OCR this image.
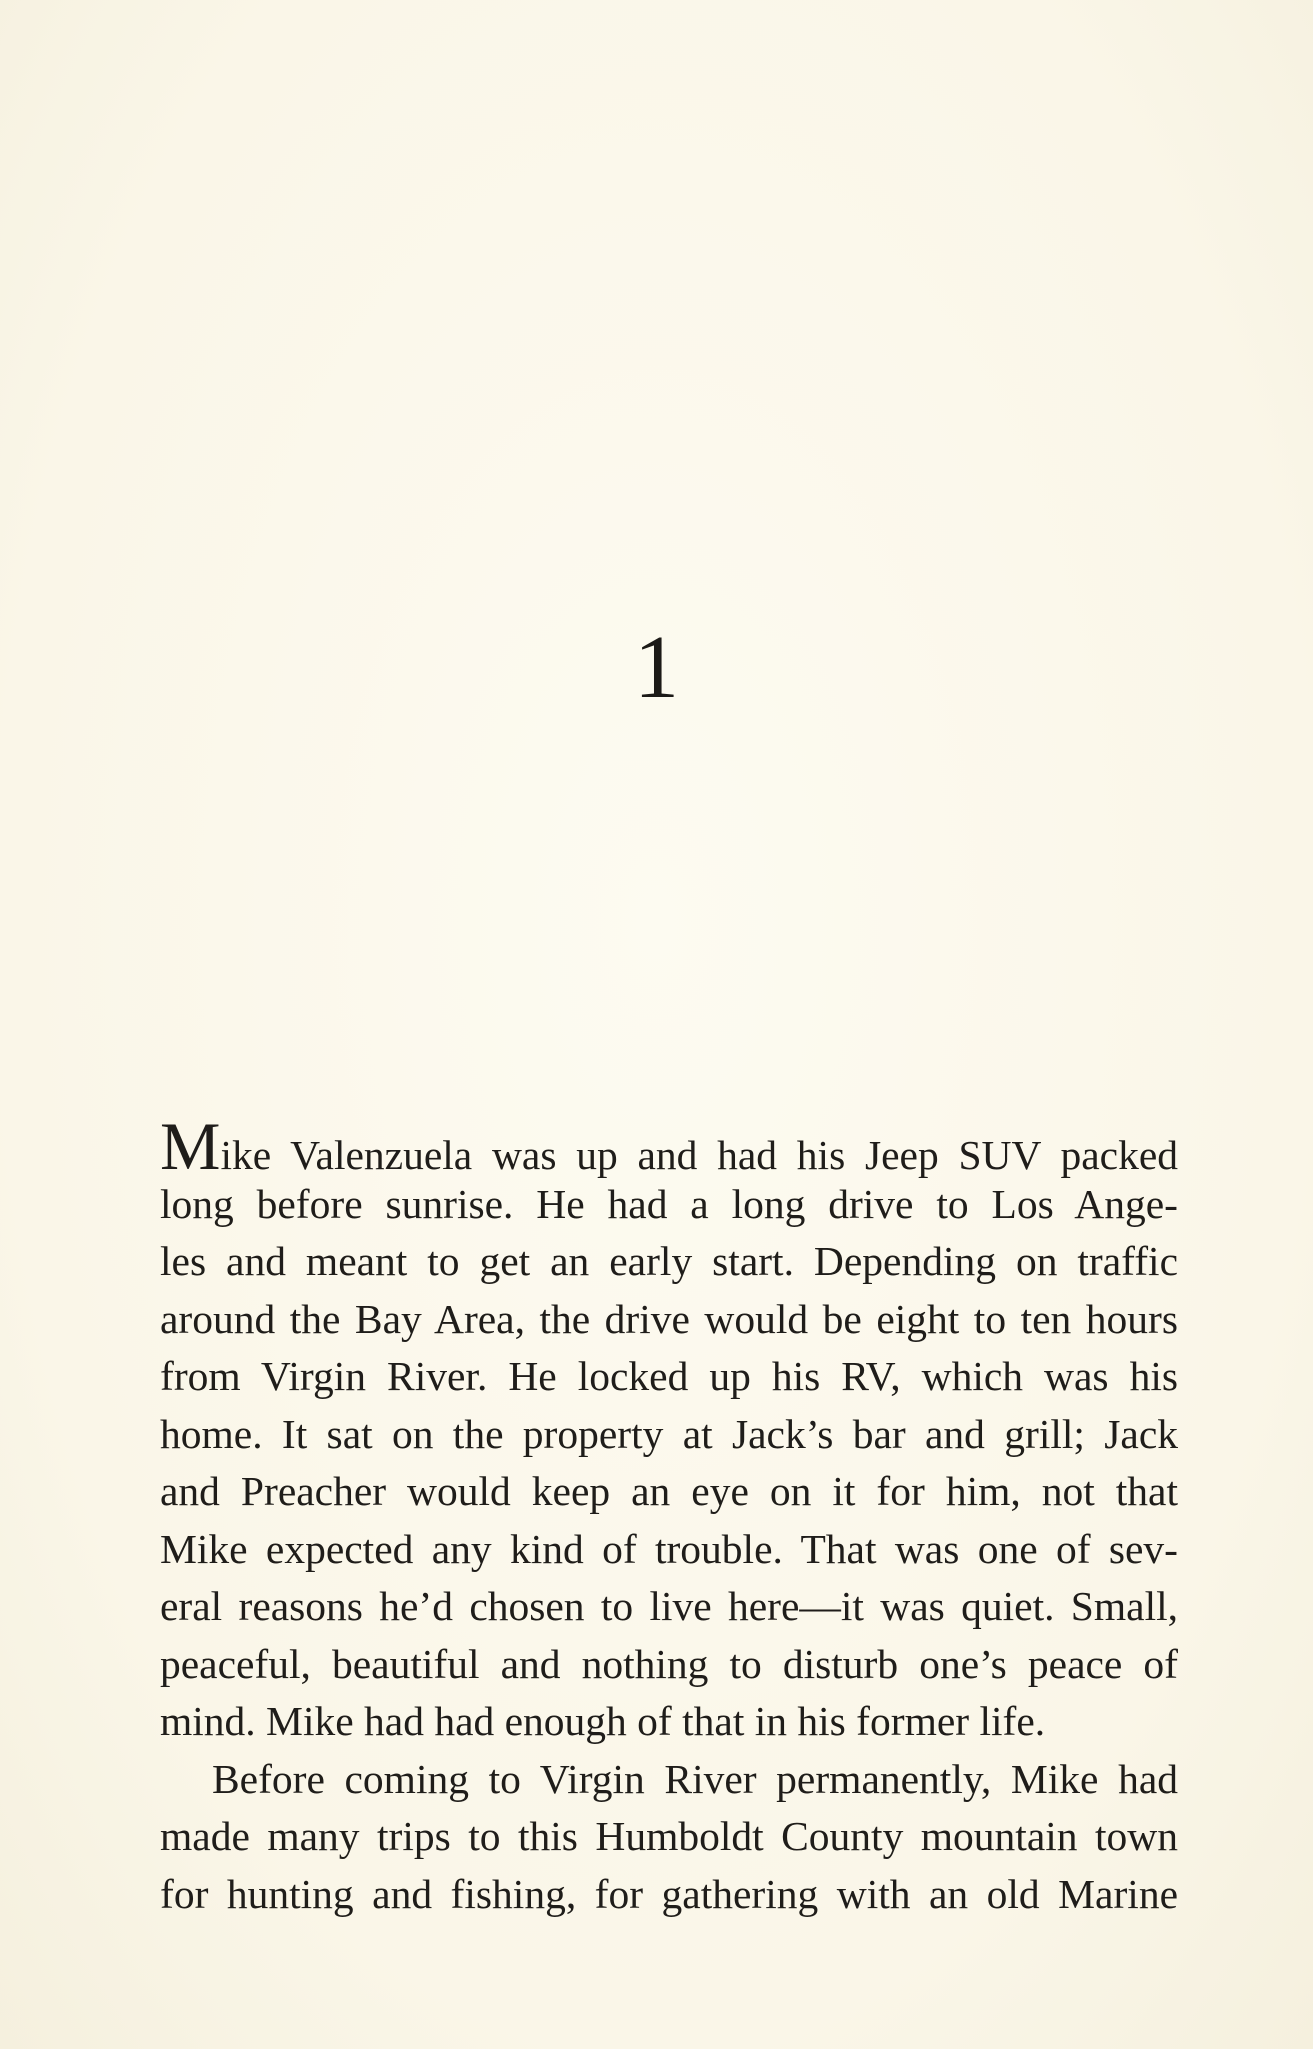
1
Mike Valenzuela was up and had his Jeep SUV packed
long before sunrise. He had a long drive to Los Ange-
les and meant to get an early start. Depending on traffic
around the Bay Area, the drive would be eight to ten hours
from Virgin River. He locked up his RV, which was his
home. It sat on the property at Jack’s bar and grill; Jack
and Preacher would keep an eye on it for him, not that
Mike expected any kind of trouble. That was one of sev-
eral reasons he’d chosen to live here—it was quiet. Small,
peaceful, beautiful and nothing to disturb one’s peace of
mind. Mike had had enough of that in his former life.
Before coming to Virgin River permanently, Mike had
made many trips to this Humboldt County mountain town
for hunting and fishing, for gathering with an old Marine
